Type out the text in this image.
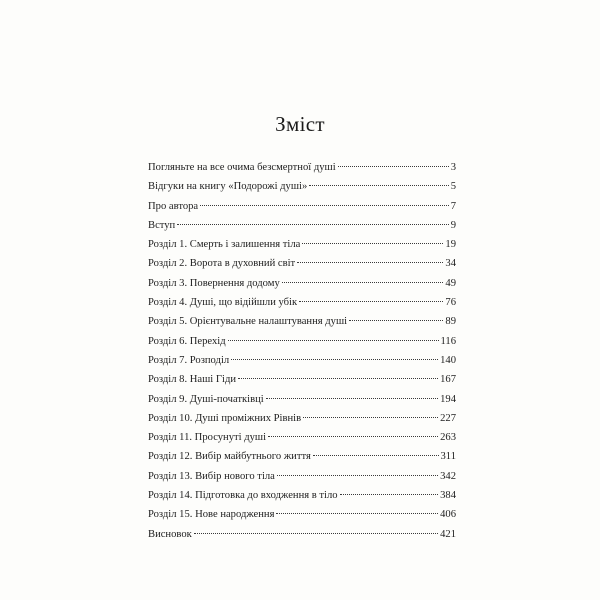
Зміст
Погляньте на все очима безсмертної душі	3
Відгуки на книгу «Подорожі душі»	5
Про автора	7
Вступ	9
Розділ 1. Смерть і залишення тіла	19
Розділ 2. Ворота в духовний світ	34
Розділ 3. Повернення додому	49
Розділ 4. Душі, що відійшли убік	76
Розділ 5. Орієнтувальне налаштування душі	89
Розділ 6. Перехід	116
Розділ 7. Розподіл	140
Розділ 8. Наші Гіди	167
Розділ 9. Душі-початківці	194
Розділ 10. Душі проміжних Рівнів	227
Розділ 11. Просунуті душі	263
Розділ 12. Вибір майбутнього життя	311
Розділ 13. Вибір нового тіла	342
Розділ 14. Підготовка до входження в тіло	384
Розділ 15. Нове народження	406
Висновок	421
